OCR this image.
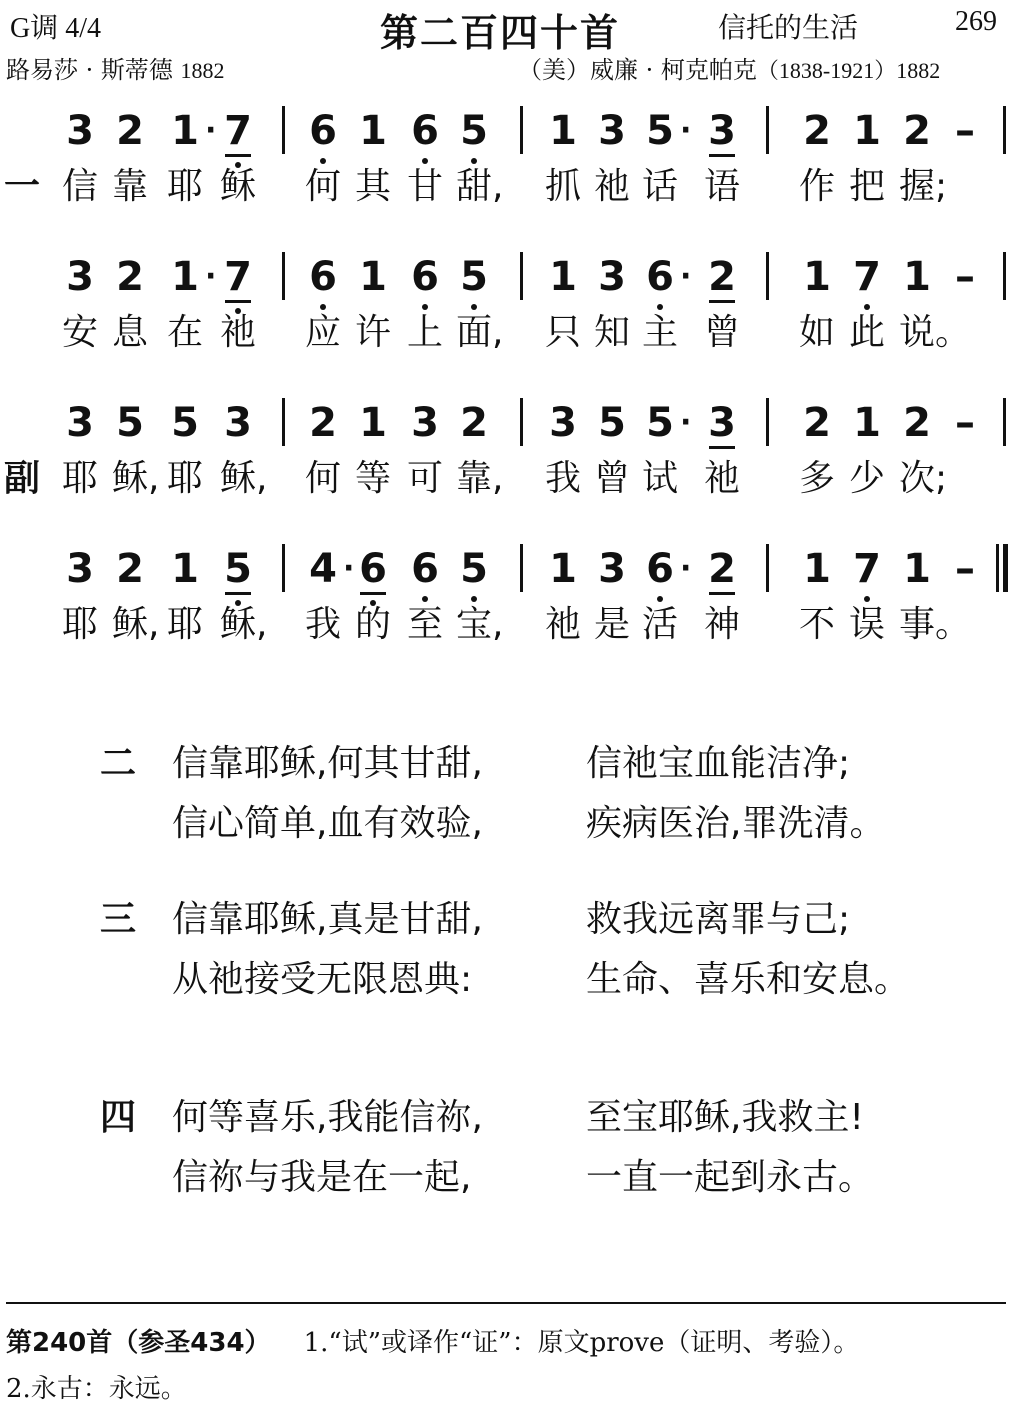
G调 4/4	第二百四十首	信托的生活	269
路易莎 · 斯蒂德 1882	（美）威廉 · 柯克帕克（1838-1921）1882
3 2 1 · 7 6 1 6 5 1 3 5 · 3 2 1 2 –
一 信 靠 耶 稣 何 其 甘 甜, 抓 祂 话 语 作 把 握;
3 2 1 · 7 6 1 6 5 1 3 6 · 2 1 7 1 –
安 息 在 祂 应 许 上 面, 只 知 主 曾 如 此 说。
3 5 5 3 2 1 3 2 3 5 5 · 3 2 1 2 –
副 耶 稣, 耶 稣, 何 等 可 靠, 我 曾 试 祂 多 少 次;
3 2 1 5 4 · 6 6 5 1 3 6 · 2 1 7 1 –
耶 稣, 耶 稣, 我 的 至 宝, 祂 是 活 神 不 误 事。
二 信靠耶稣,何其甘甜,	信祂宝血能洁净;
信心简单,血有效验,	疾病医治,罪洗清。
三 信靠耶稣,真是甘甜,	救我远离罪与己;
从祂接受无限恩典:	生命、喜乐和安息。
四 何等喜乐,我能信祢,	至宝耶稣,我救主!
信祢与我是在一起,	一直一起到永古。
第240首（参圣434） 1.“试”或译作“证”：原文prove（证明、考验）。
2.永古：永远。
